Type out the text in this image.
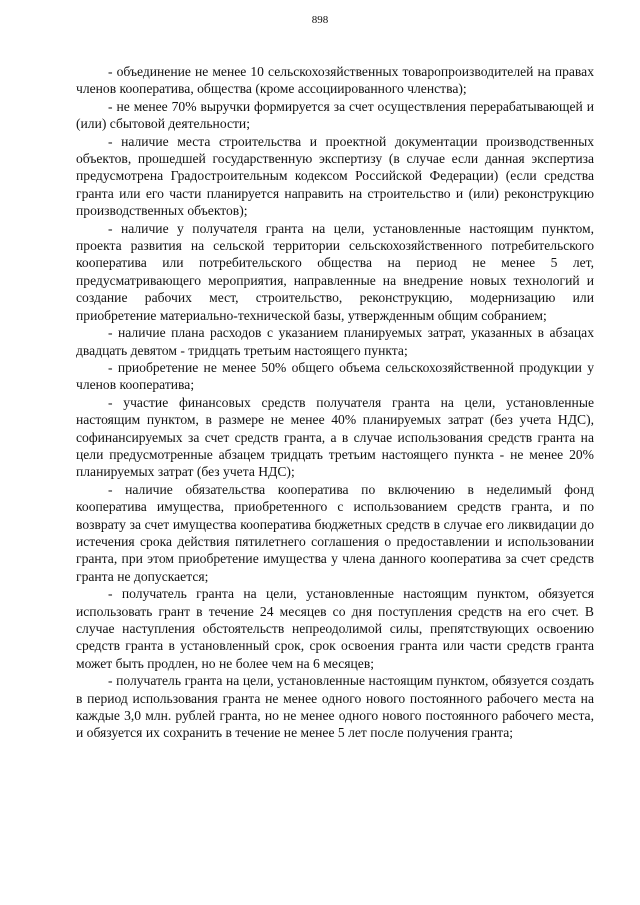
898

- объединение не менее 10 сельскохозяйственных товаропроизводителей на правах членов кооператива, общества (кроме ассоциированного членства);

- не менее 70% выручки формируется за счет осуществления перерабатывающей и (или) сбытовой деятельности;

- наличие места строительства и проектной документации производственных объектов, прошедшей государственную экспертизу (в случае если данная экспертиза предусмотрена Градостроительным кодексом Российской Федерации) (если средства гранта или его части планируется направить на строительство и (или) реконструкцию производственных объектов);

- наличие у получателя гранта на цели, установленные настоящим пунктом, проекта развития на сельской территории сельскохозяйственного потребительского кооператива или потребительского общества на период не менее 5 лет, предусматривающего мероприятия, направленные на внедрение новых технологий и создание рабочих мест, строительство, реконструкцию, модернизацию или приобретение материально-технической базы, утвержденным общим собранием;

- наличие плана расходов с указанием планируемых затрат, указанных в абзацах двадцать девятом - тридцать третьим настоящего пункта;

- приобретение не менее 50% общего объема сельскохозяйственной продукции у членов кооператива;

- участие финансовых средств получателя гранта на цели, установленные настоящим пунктом, в размере не менее 40% планируемых затрат (без учета НДС), софинансируемых за счет средств гранта, а в случае использования средств гранта на цели предусмотренные абзацем тридцать третьим настоящего пункта - не менее 20% планируемых затрат (без учета НДС);

- наличие обязательства кооператива по включению в неделимый фонд кооператива имущества, приобретенного с использованием средств гранта, и по возврату за счет имущества кооператива бюджетных средств в случае его ликвидации до истечения срока действия пятилетнего соглашения о предоставлении и использовании гранта, при этом приобретение имущества у члена данного кооператива за счет средств гранта не допускается;

- получатель гранта на цели, установленные настоящим пунктом, обязуется использовать грант в течение 24 месяцев со дня поступления средств на его счет. В случае наступления обстоятельств непреодолимой силы, препятствующих освоению средств гранта в установленный срок, срок освоения гранта или части средств гранта может быть продлен, но не более чем на 6 месяцев;

- получатель гранта на цели, установленные настоящим пунктом, обязуется создать в период использования гранта не менее одного нового постоянного рабочего места на каждые 3,0 млн. рублей гранта, но не менее одного нового постоянного рабочего места, и обязуется их сохранить в течение не менее 5 лет после получения гранта;
